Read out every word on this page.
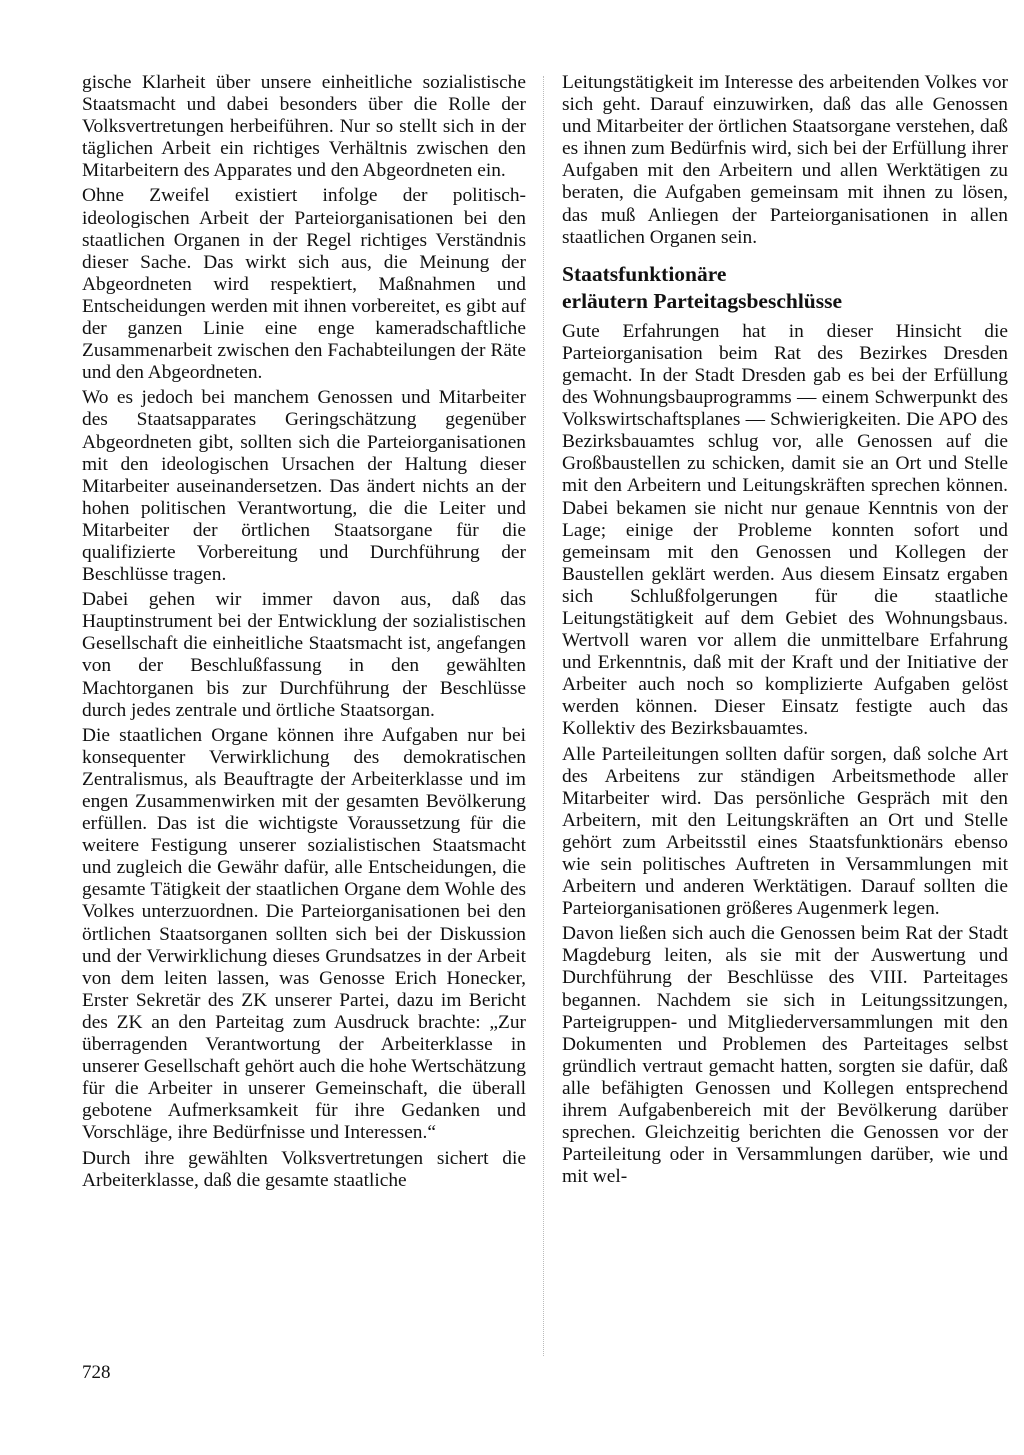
gische Klarheit über unsere einheitliche sozialistische Staatsmacht und dabei besonders über die Rolle der Volksvertretungen herbeiführen. Nur so stellt sich in der täglichen Arbeit ein richtiges Verhältnis zwischen den Mitarbeitern des Apparates und den Abgeordneten ein.

Ohne Zweifel existiert infolge der politisch-ideologischen Arbeit der Parteiorganisationen bei den staatlichen Organen in der Regel richtiges Verständnis dieser Sache. Das wirkt sich aus, die Meinung der Abgeordneten wird respektiert, Maßnahmen und Entscheidungen werden mit ihnen vorbereitet, es gibt auf der ganzen Linie eine enge kameradschaftliche Zusammenarbeit zwischen den Fachabteilungen der Räte und den Abgeordneten.

Wo es jedoch bei manchem Genossen und Mitarbeiter des Staatsapparates Geringschätzung gegenüber Abgeordneten gibt, sollten sich die Parteiorganisationen mit den ideologischen Ursachen der Haltung dieser Mitarbeiter auseinandersetzen. Das ändert nichts an der hohen politischen Verantwortung, die die Leiter und Mitarbeiter der örtlichen Staatsorgane für die qualifizierte Vorbereitung und Durchführung der Beschlüsse tragen.

Dabei gehen wir immer davon aus, daß das Hauptinstrument bei der Entwicklung der sozialistischen Gesellschaft die einheitliche Staatsmacht ist, angefangen von der Beschlußfassung in den gewählten Machtorganen bis zur Durchführung der Beschlüsse durch jedes zentrale und örtliche Staatsorgan.

Die staatlichen Organe können ihre Aufgaben nur bei konsequenter Verwirklichung des demokratischen Zentralismus, als Beauftragte der Arbeiterklasse und im engen Zusammenwirken mit der gesamten Bevölkerung erfüllen. Das ist die wichtigste Voraussetzung für die weitere Festigung unserer sozialistischen Staatsmacht und zugleich die Gewähr dafür, alle Entscheidungen, die gesamte Tätigkeit der staatlichen Organe dem Wohle des Volkes unterzuordnen. Die Parteiorganisationen bei den örtlichen Staatsorganen sollten sich bei der Diskussion und der Verwirklichung dieses Grundsatzes in der Arbeit von dem leiten lassen, was Genosse Erich Honecker, Erster Sekretär des ZK unserer Partei, dazu im Bericht des ZK an den Parteitag zum Ausdruck brachte: „Zur überragenden Verantwortung der Arbeiterklasse in unserer Gesellschaft gehört auch die hohe Wertschätzung für die Arbeiter in unserer Gemeinschaft, die überall gebotene Aufmerksamkeit für ihre Gedanken und Vorschläge, ihre Bedürfnisse und Interessen.“

Durch ihre gewählten Volksvertretungen sichert die Arbeiterklasse, daß die gesamte staatliche

Leitungstätigkeit im Interesse des arbeitenden Volkes vor sich geht. Darauf einzuwirken, daß das alle Genossen und Mitarbeiter der örtlichen Staatsorgane verstehen, daß es ihnen zum Bedürfnis wird, sich bei der Erfüllung ihrer Aufgaben mit den Arbeitern und allen Werktätigen zu beraten, die Aufgaben gemeinsam mit ihnen zu lösen, das muß Anliegen der Parteiorganisationen in allen staatlichen Organen sein.

Staatsfunktionäre
erläutern Parteitagsbeschlüsse

Gute Erfahrungen hat in dieser Hinsicht die Parteiorganisation beim Rat des Bezirkes Dresden gemacht. In der Stadt Dresden gab es bei der Erfüllung des Wohnungsbauprogramms — einem Schwerpunkt des Volkswirtschaftsplanes — Schwierigkeiten. Die APO des Bezirksbauamtes schlug vor, alle Genossen auf die Großbaustellen zu schicken, damit sie an Ort und Stelle mit den Arbeitern und Leitungskräften sprechen können. Dabei bekamen sie nicht nur genaue Kenntnis von der Lage; einige der Probleme konnten sofort und gemeinsam mit den Genossen und Kollegen der Baustellen geklärt werden. Aus diesem Einsatz ergaben sich Schlußfolgerungen für die staatliche Leitungstätigkeit auf dem Gebiet des Wohnungsbaus. Wertvoll waren vor allem die unmittelbare Erfahrung und Erkenntnis, daß mit der Kraft und der Initiative der Arbeiter auch noch so komplizierte Aufgaben gelöst werden können. Dieser Einsatz festigte auch das Kollektiv des Bezirksbauamtes.

Alle Parteileitungen sollten dafür sorgen, daß solche Art des Arbeitens zur ständigen Arbeitsmethode aller Mitarbeiter wird. Das persönliche Gespräch mit den Arbeitern, mit den Leitungskräften an Ort und Stelle gehört zum Arbeitsstil eines Staatsfunktionärs ebenso wie sein politisches Auftreten in Versammlungen mit Arbeitern und anderen Werktätigen. Darauf sollten die Parteiorganisationen größeres Augenmerk legen.

Davon ließen sich auch die Genossen beim Rat der Stadt Magdeburg leiten, als sie mit der Auswertung und Durchführung der Beschlüsse des VIII. Parteitages begannen. Nachdem sie sich in Leitungssitzungen, Parteigruppen- und Mitgliederversammlungen mit den Dokumenten und Problemen des Parteitages selbst gründlich vertraut gemacht hatten, sorgten sie dafür, daß alle befähigten Genossen und Kollegen entsprechend ihrem Aufgabenbereich mit der Bevölkerung darüber sprechen. Gleichzeitig berichten die Genossen vor der Parteileitung oder in Versammlungen darüber, wie und mit wel-

728
